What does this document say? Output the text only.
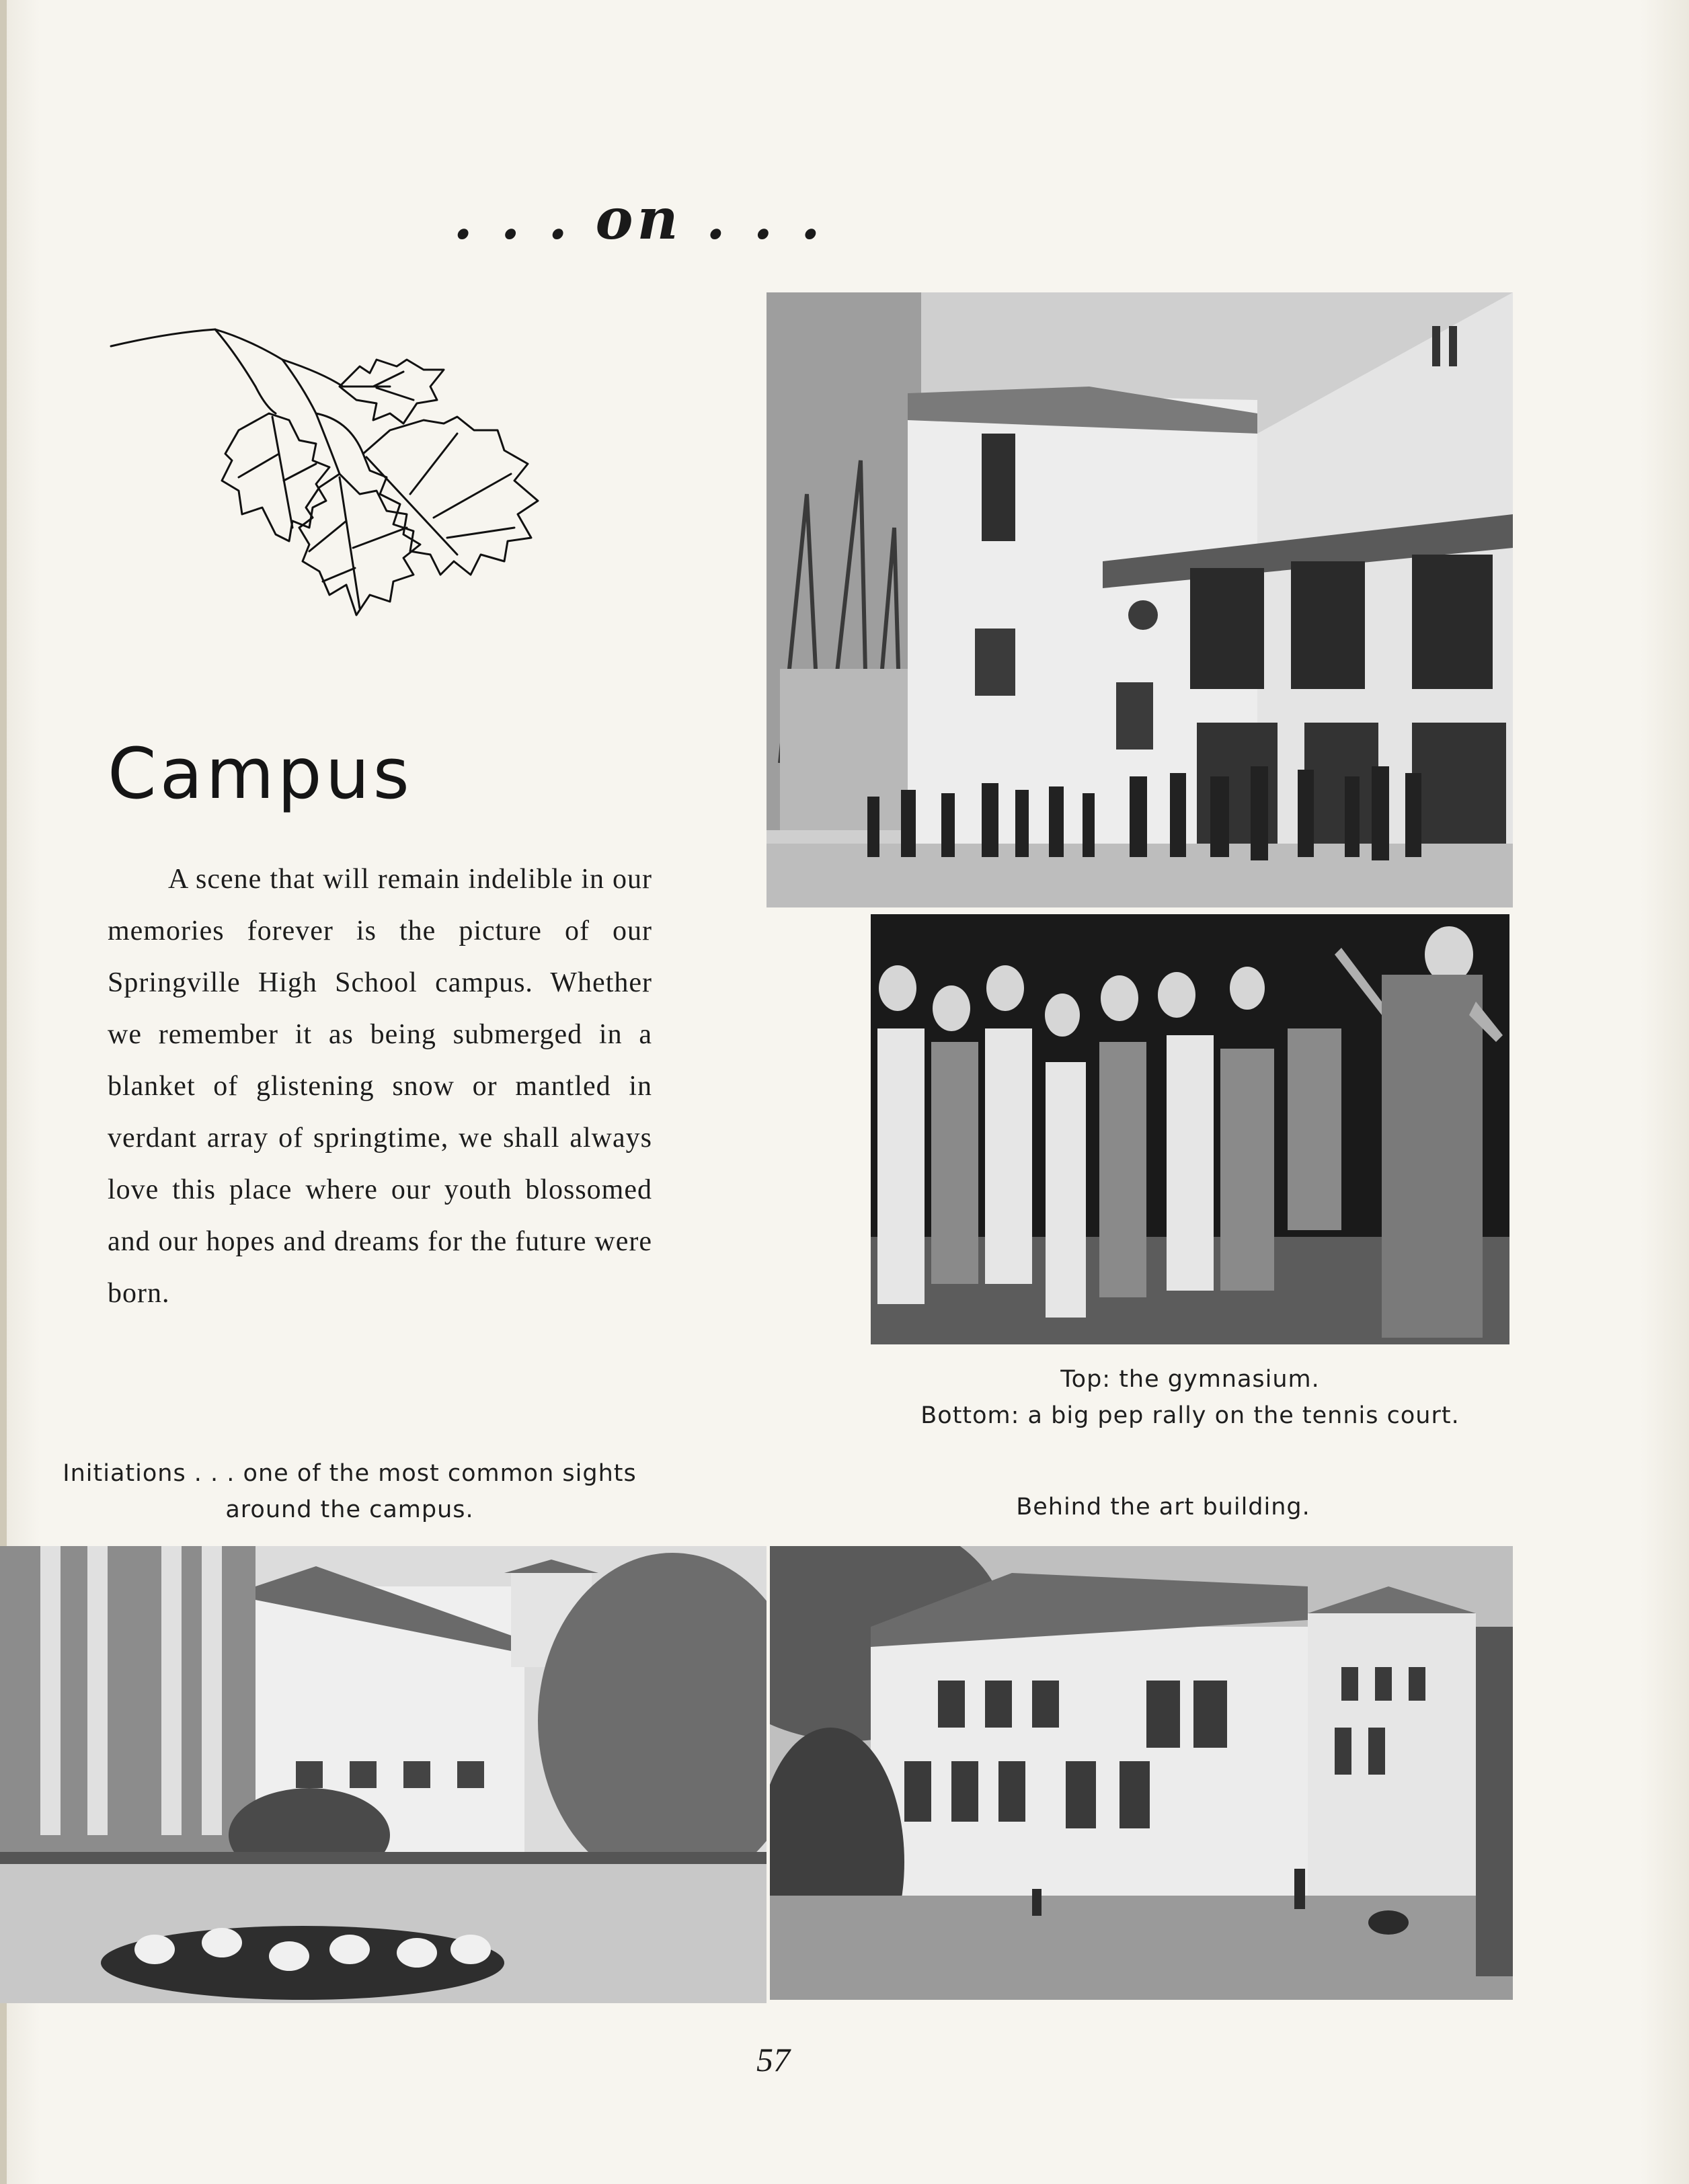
. . . on . . .
Campus
A scene that will remain indelible in our memories forever is the picture of our Springville High School campus. Whether we remember it as being submerged in a blanket of glistening snow or mantled in verdant array of springtime, we shall always love this place where our youth blossomed and our hopes and dreams for the future were born.
Top: the gymnasium.
Bottom: a big pep rally on the tennis court.
Initiations . . . one of the most common sights
around the campus.	Behind the art building.
57
